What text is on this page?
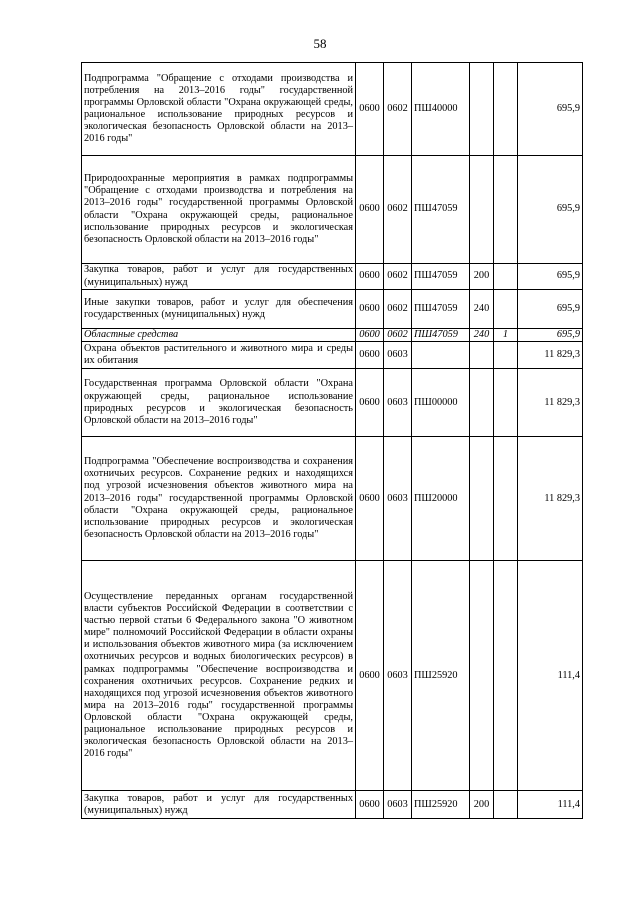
58
Подпрограмма "Обращение с отходами производства и потребления на 2013–2016 годы" государственной программы Орловской области "Охрана окружающей среды, рациональное использование природных ресурсов и экологическая безопасность Орловской области на 2013–2016 годы"	0600	0602	ПШ40000			695,9
Природоохранные мероприятия в рамках подпрограммы "Обращение с отходами производства и потребления на 2013–2016 годы" государственной программы Орловской области "Охрана окружающей среды, рациональное использование природных ресурсов и экологическая безопасность Орловской области на 2013–2016 годы"	0600	0602	ПШ47059			695,9
Закупка товаров, работ и услуг для государственных (муниципальных) нужд	0600	0602	ПШ47059	200		695,9
Иные закупки товаров, работ и услуг для обеспечения государственных (муниципальных) нужд	0600	0602	ПШ47059	240		695,9
Областные средства	0600	0602	ПШ47059	240	1	695,9
Охрана объектов растительного и животного мира и среды их обитания	0600	0603				11 829,3
Государственная программа Орловской области "Охрана окружающей среды, рациональное использование природных ресурсов и экологическая безопасность Орловской области на 2013–2016 годы"	0600	0603	ПШ00000			11 829,3
Подпрограмма "Обеспечение воспроизводства и сохранения охотничьих ресурсов. Сохранение редких и находящихся под угрозой исчезновения объектов животного мира на 2013–2016 годы" государственной программы Орловской области "Охрана окружающей среды, рациональное использование природных ресурсов и экологическая безопасность Орловской области на 2013–2016 годы"	0600	0603	ПШ20000			11 829,3
Осуществление переданных органам государственной власти субъектов Российской Федерации в соответствии с частью первой статьи 6 Федерального закона "О животном мире" полномочий Российской Федерации в области охраны и использования объектов животного мира (за исключением охотничьих ресурсов и водных биологических ресурсов) в рамках подпрограммы "Обеспечение воспроизводства и сохранения охотничьих ресурсов. Сохранение редких и находящихся под угрозой исчезновения объектов животного мира на 2013–2016 годы" государственной программы Орловской области "Охрана окружающей среды, рациональное использование природных ресурсов и экологическая безопасность Орловской области на 2013–2016 годы"	0600	0603	ПШ25920			111,4
Закупка товаров, работ и услуг для государственных (муниципальных) нужд	0600	0603	ПШ25920	200		111,4
